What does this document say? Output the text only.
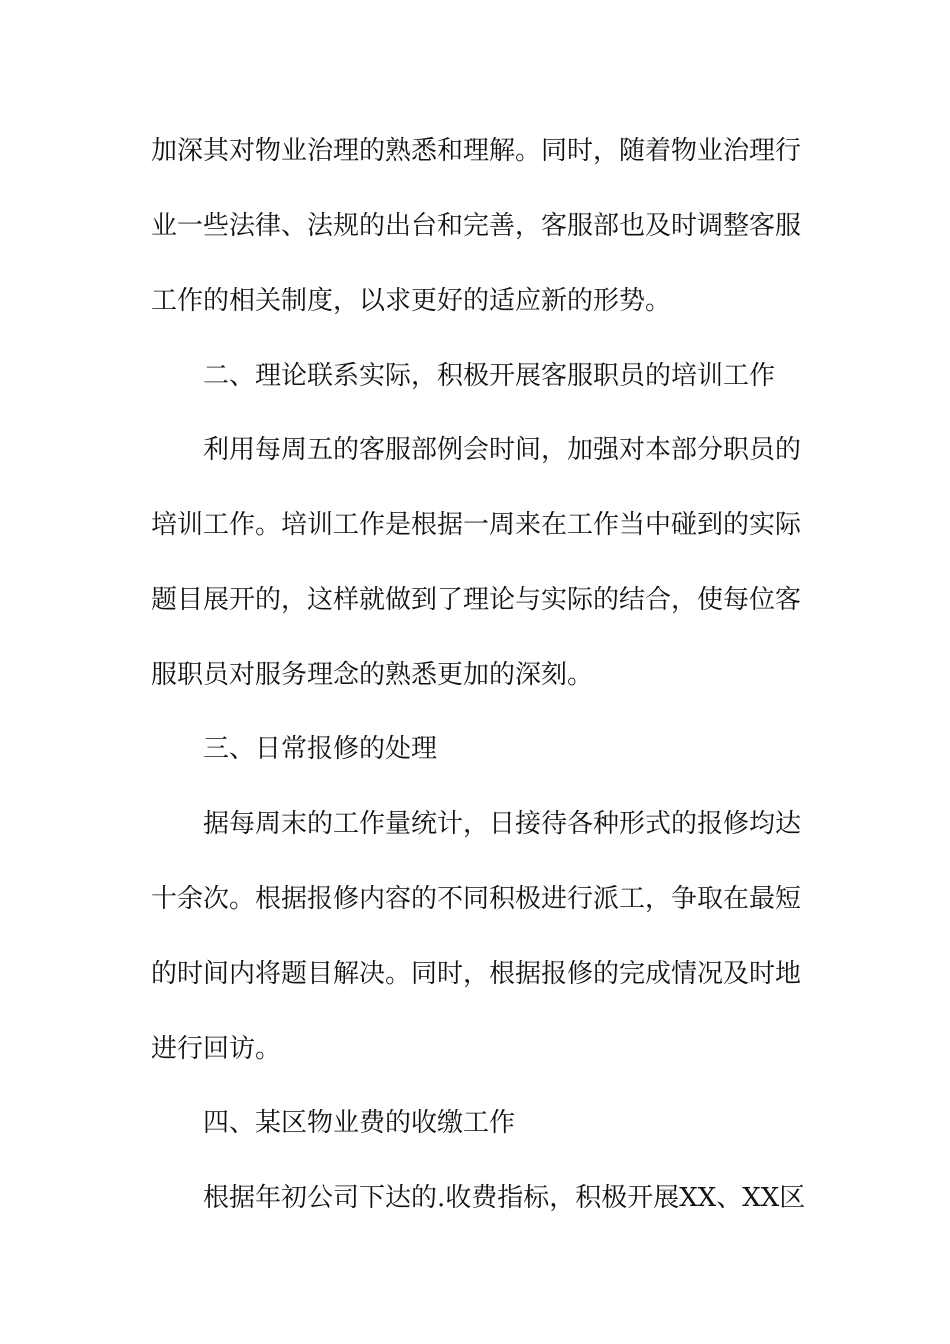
加深其对物业治理的熟悉和理解。同时，随着物业治理行
业一些法律、法规的出台和完善，客服部也及时调整客服
工作的相关制度，以求更好的适应新的形势。
二、理论联系实际，积极开展客服职员的培训工作
利用每周五的客服部例会时间，加强对本部分职员的
培训工作。培训工作是根据一周来在工作当中碰到的实际
题目展开的，这样就做到了理论与实际的结合，使每位客
服职员对服务理念的熟悉更加的深刻。
三、日常报修的处理
据每周末的工作量统计，日接待各种形式的报修均达
十余次。根据报修内容的不同积极进行派工，争取在最短
的时间内将题目解决。同时，根据报修的完成情况及时地
进行回访。
四、某区物业费的收缴工作
根据年初公司下达的.收费指标，积极开展XX、XX区
